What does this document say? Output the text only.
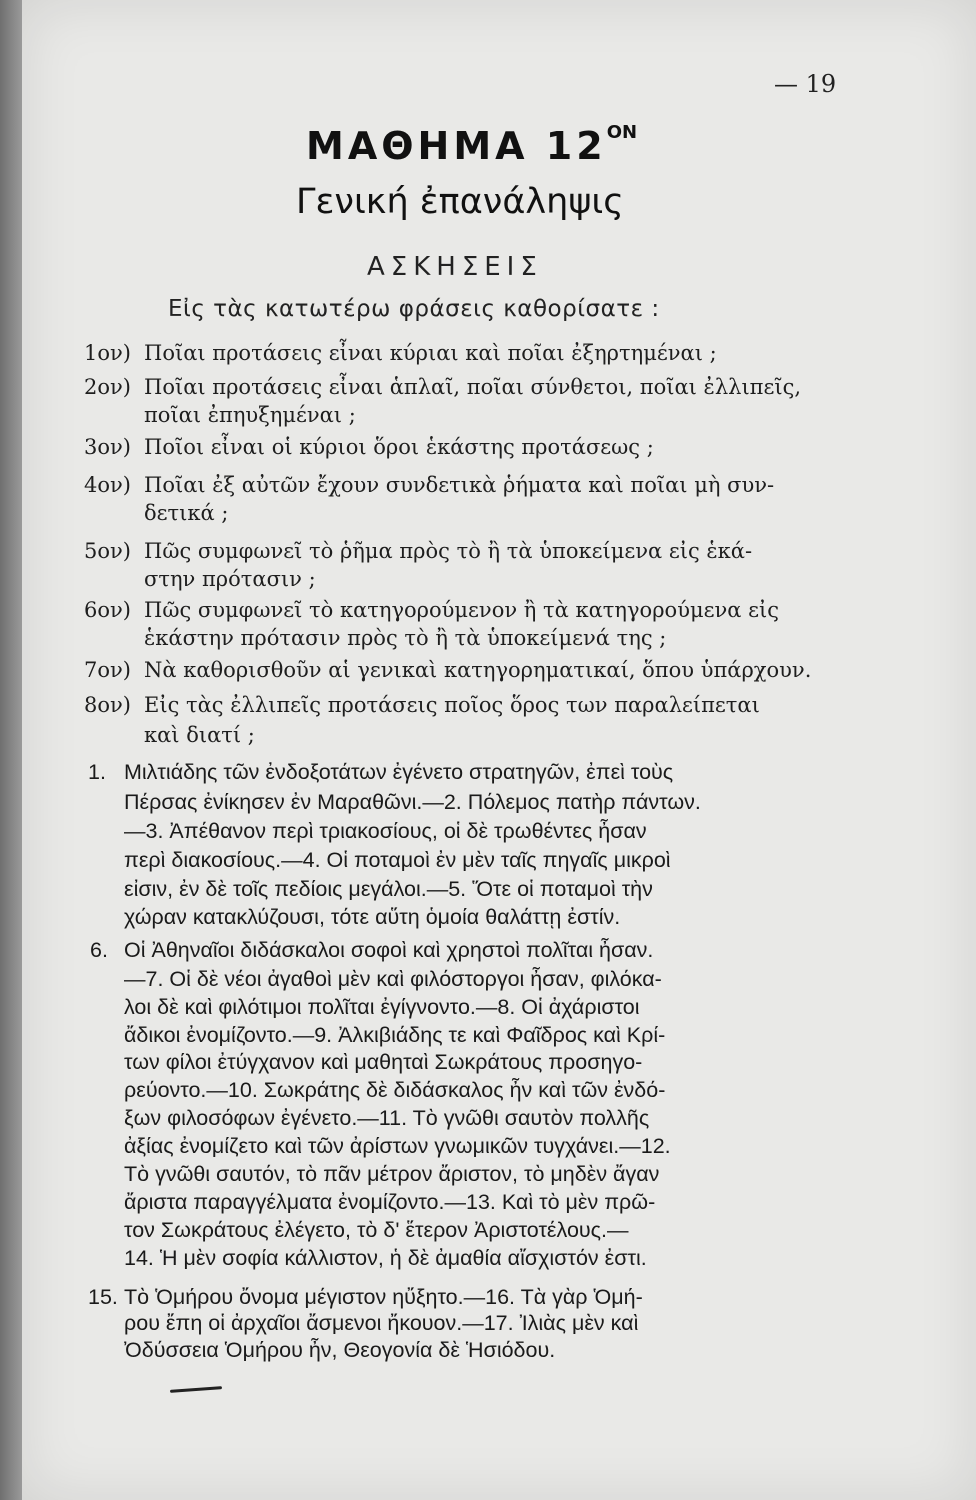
— 19
ΜΑΘΗΜΑ $12^{ON}$
Γενική ἐπανάληψις
ΑΣΚΗΣΕΙΣ
Εἰς τὰς κατωτέρω φράσεις καθορίσατε :
1ον) Ποῖαι προτάσεις εἶναι κύριαι καὶ ποῖαι ἐξηρτημέναι ;
2ον) Ποῖαι προτάσεις εἶναι ἁπλαῖ, ποῖαι σύνθετοι, ποῖαι ἐλλιπεῖς,
ποῖαι ἐπηυξημέναι ;
3ον) Ποῖοι εἶναι οἱ κύριοι ὅροι ἑκάστης προτάσεως ;
4ον) Ποῖαι ἐξ αὐτῶν ἔχουν συνδετικὰ ῥήματα καὶ ποῖαι μὴ συν-
δετικά ;
5ον) Πῶς συμφωνεῖ τὸ ῥῆμα πρὸς τὸ ἢ τὰ ὑποκείμενα εἰς ἑκά-
στην πρότασιν ;
6ον) Πῶς συμφωνεῖ τὸ κατηγορούμενον ἢ τὰ κατηγορούμενα εἰς
ἑκάστην πρότασιν πρὸς τὸ ἢ τὰ ὑποκείμενά της ;
7ον) Νὰ καθορισθοῦν αἱ γενικαὶ κατηγορηματικαί, ὅπου ὑπάρχουν.
8ον) Εἰς τὰς ἐλλιπεῖς προτάσεις ποῖος ὅρος των παραλείπεται
καὶ διατί ;
1. Μιλτιάδης τῶν ἐνδοξοτάτων ἐγένετο στρατηγῶν, ἐπεὶ τοὺς
Πέρσας ἐνίκησεν ἐν Μαραθῶνι.—2. Πόλεμος πατὴρ πάντων.
—3. Ἀπέθανον περὶ τριακοσίους, οἱ δὲ τρωθέντες ἦσαν
περὶ διακοσίους.—4. Οἱ ποταμοὶ ἐν μὲν ταῖς πηγαῖς μικροὶ
εἰσιν, ἐν δὲ τοῖς πεδίοις μεγάλοι.—5. Ὅτε οἱ ποταμοὶ τὴν
χώραν κατακλύζουσι, τότε αὕτη ὁμοία θαλάττῃ ἐστίν.
6. Οἱ Ἀθηναῖοι διδάσκαλοι σοφοὶ καὶ χρηστοὶ πολῖται ἦσαν.
—7. Οἱ δὲ νέοι ἀγαθοὶ μὲν καὶ φιλόστοργοι ἦσαν, φιλόκα-
λοι δὲ καὶ φιλότιμοι πολῖται ἐγίγνοντο.—8. Οἱ ἀχάριστοι
ἄδικοι ἐνομίζοντο.—9. Ἀλκιβιάδης τε καὶ Φαῖδρος καὶ Κρί-
των φίλοι ἐτύγχανον καὶ μαθηταὶ Σωκράτους προσηγο-
ρεύοντο.—10. Σωκράτης δὲ διδάσκαλος ἦν καὶ τῶν ἐνδό-
ξων φιλοσόφων ἐγένετο.—11. Τὸ γνῶθι σαυτὸν πολλῆς
ἀξίας ἐνομίζετο καὶ τῶν ἀρίστων γνωμικῶν τυγχάνει.—12.
Τὸ γνῶθι σαυτόν, τὸ πᾶν μέτρον ἄριστον, τὸ μηδὲν ἄγαν
ἄριστα παραγγέλματα ἐνομίζοντο.—13. Καὶ τὸ μὲν πρῶ-
τον Σωκράτους ἐλέγετο, τὸ δ' ἕτερον Ἀριστοτέλους.—
14. Ἡ μὲν σοφία κάλλιστον, ἡ δὲ ἀμαθία αἴσχιστόν ἐστι.
15. Τὸ Ὁμήρου ὄνομα μέγιστον ηὔξητο.—16. Τὰ γὰρ Ὁμή-
ρου ἔπη οἱ ἀρχαῖοι ἄσμενοι ἤκουον.—17. Ἰλιὰς μὲν καὶ
Ὀδύσσεια Ὁμήρου ἦν, Θεογονία δὲ Ἡσιόδου.
